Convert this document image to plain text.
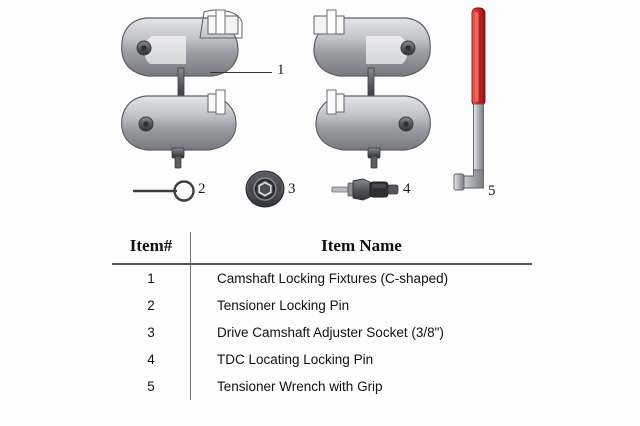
1
2	3	4	5
Item#	Item Name
1	Camshaft Locking Fixtures (C-shaped)
2	Tensioner Locking Pin
3	Drive Camshaft Adjuster Socket (3/8")
4	TDC Locating Locking Pin
5	Tensioner Wrench with Grip
